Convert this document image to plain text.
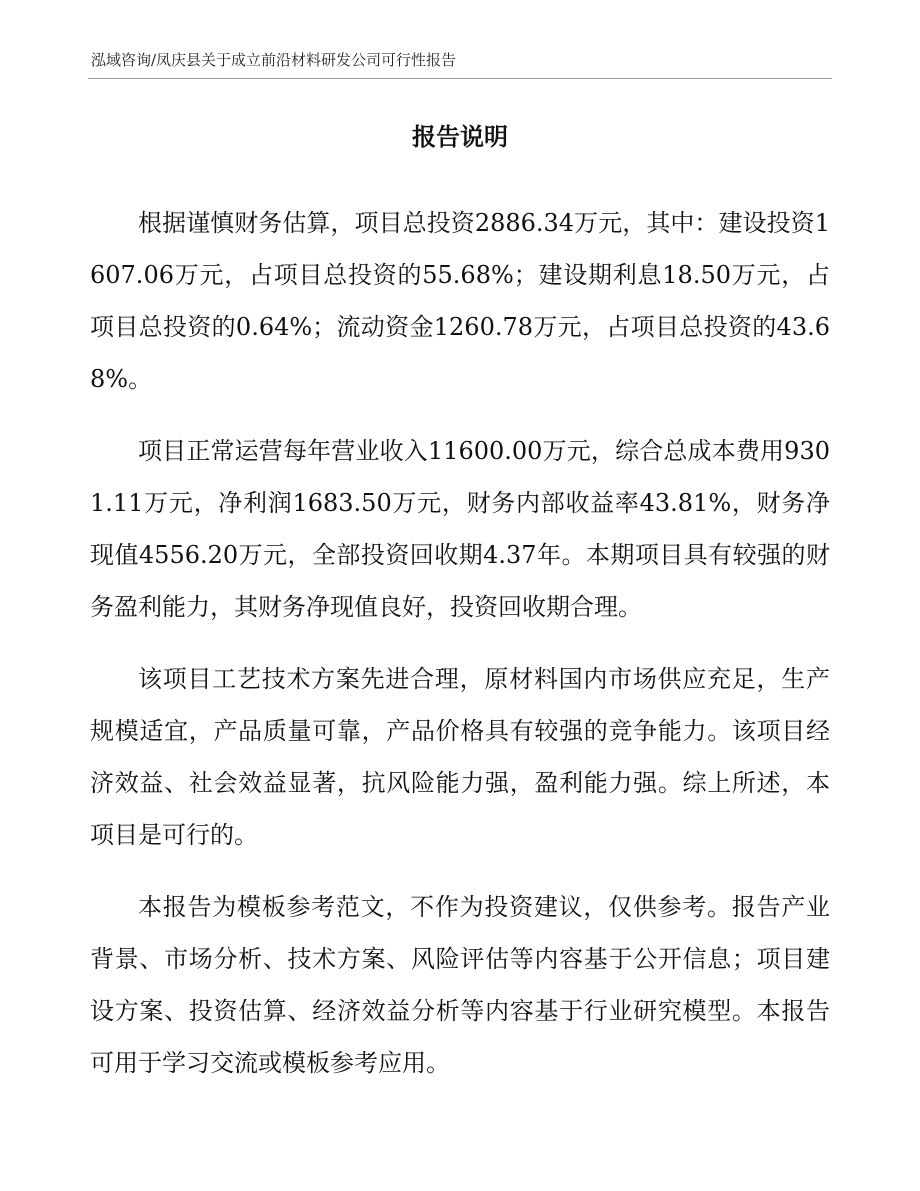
泓域咨询/凤庆县关于成立前沿材料研发公司可行性报告
报告说明

根据谨慎财务估算，项目总投资2886.34万元，其中：建设投资1607.06万元，占项目总投资的55.68%；建设期利息18.50万元，占项目总投资的0.64%；流动资金1260.78万元，占项目总投资的43.68%。

项目正常运营每年营业收入11600.00万元，综合总成本费用9301.11万元，净利润1683.50万元，财务内部收益率43.81%，财务净现值4556.20万元，全部投资回收期4.37年。本期项目具有较强的财务盈利能力，其财务净现值良好，投资回收期合理。

该项目工艺技术方案先进合理，原材料国内市场供应充足，生产规模适宜，产品质量可靠，产品价格具有较强的竞争能力。该项目经济效益、社会效益显著，抗风险能力强，盈利能力强。综上所述，本项目是可行的。

本报告为模板参考范文，不作为投资建议，仅供参考。报告产业背景、市场分析、技术方案、风险评估等内容基于公开信息；项目建设方案、投资估算、经济效益分析等内容基于行业研究模型。本报告可用于学习交流或模板参考应用。
